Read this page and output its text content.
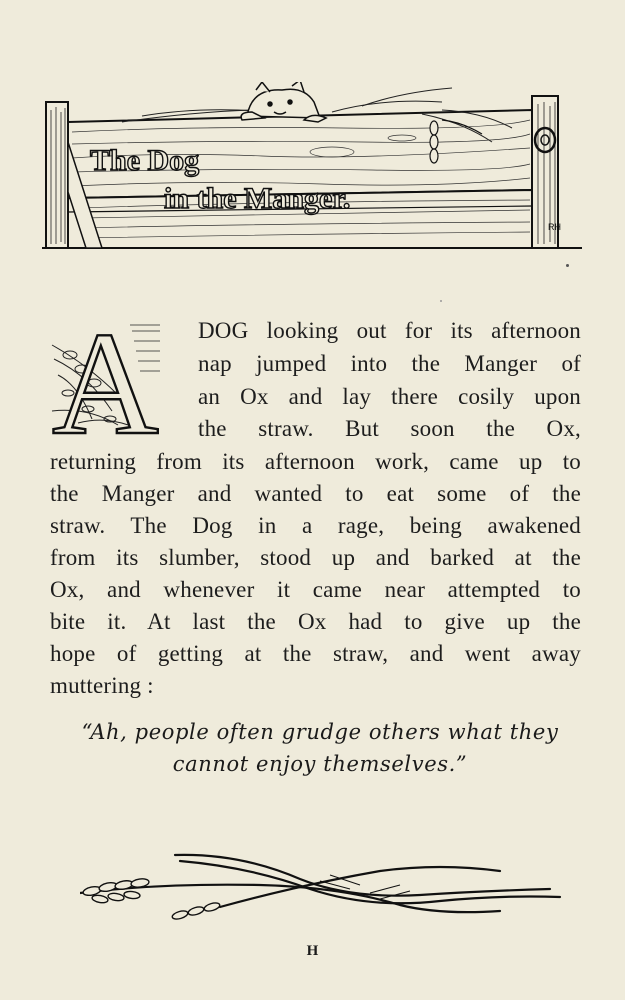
The Dog
in the Manger.
RH
A DOG looking out for its afternoon
nap jumped into the Manger of
an Ox and lay there cosily upon
the straw. But soon the Ox,
returning from its afternoon work, came up to
the Manger and wanted to eat some of the
straw. The Dog in a rage, being awakened
from its slumber, stood up and barked at the
Ox, and whenever it came near attempted to
bite it. At last the Ox had to give up the
hope of getting at the straw, and went away
muttering :
“Ah, people often grudge others what they
cannot enjoy themselves.”
H
